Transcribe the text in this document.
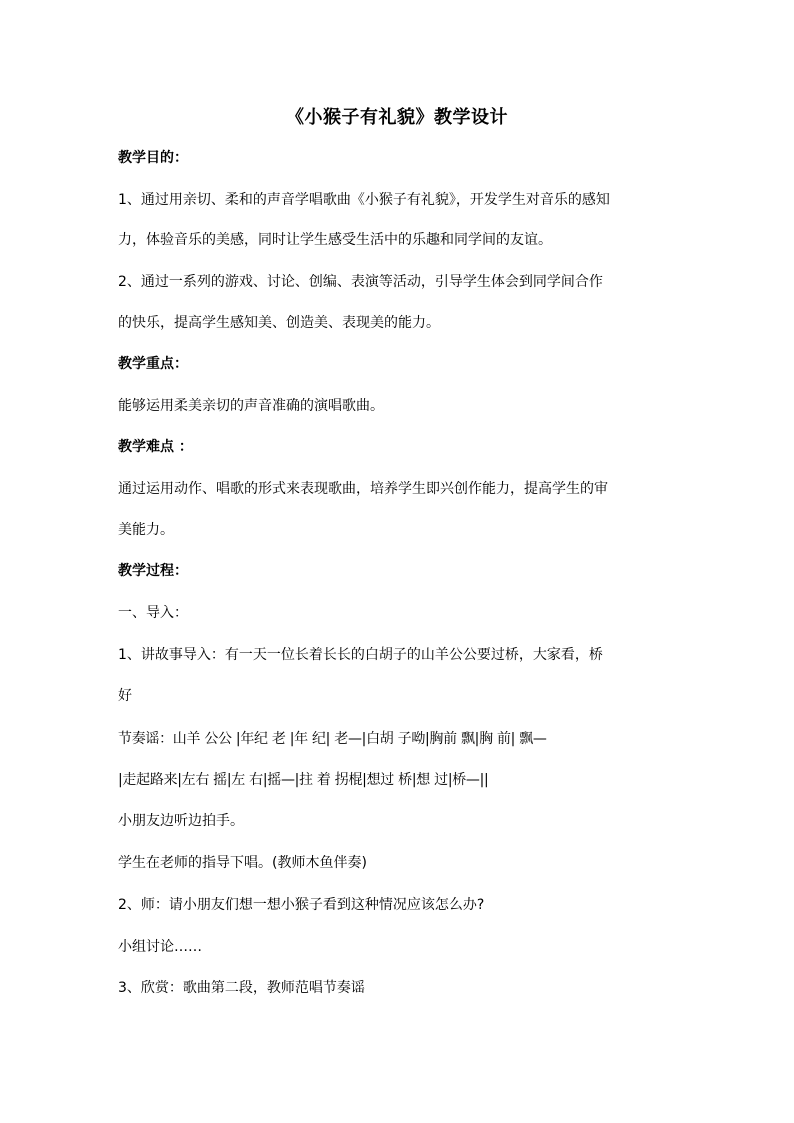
《小猴子有礼貌》教学设计
教学目的：
1、通过用亲切、柔和的声音学唱歌曲《小猴子有礼貌》，开发学生对音乐的感知
力，体验音乐的美感，同时让学生感受生活中的乐趣和同学间的友谊。
2、通过一系列的游戏、讨论、创编、表演等活动，引导学生体会到同学间合作
的快乐，提高学生感知美、创造美、表现美的能力。
教学重点：
能够运用柔美亲切的声音准确的演唱歌曲。
教学难点 ：
通过运用动作、唱歌的形式来表现歌曲，培养学生即兴创作能力，提高学生的审
美能力。
教学过程：
一、导入：
1、讲故事导入：有一天一位长着长长的白胡子的山羊公公要过桥，大家看，桥
好
节奏谣：山羊 公公 |年纪 老 |年 纪| 老—|白胡 子呦|胸前 飘|胸 前| 飘—
|走起路来|左右 摇|左 右|摇—|拄 着 拐棍|想过 桥|想 过|桥—||
小朋友边听边拍手。
学生在老师的指导下唱。(教师木鱼伴奏)
2、师：请小朋友们想一想小猴子看到这种情况应该怎么办?
小组讨论……
3、欣赏：歌曲第二段，教师范唱节奏谣
